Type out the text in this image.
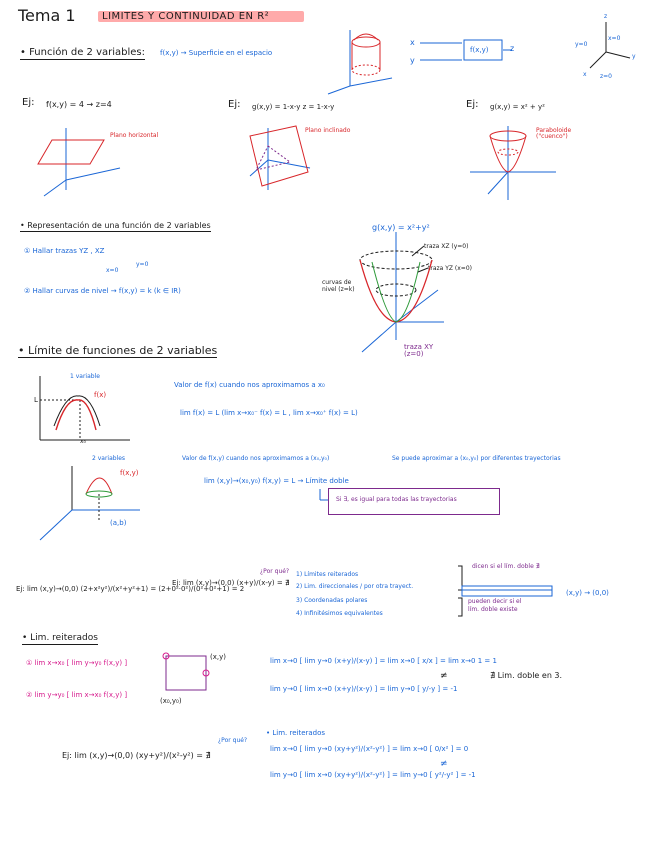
Tema 1	LIMITES Y CONTINUIDAD EN R²
• Función de 2 variables: f(x,y) → Superficie en el espacio
x
y
f(x,y)	z
z
y
x
y=0
x=0
z=0
Ej: f(x,y) = 4 → z=4
Plano horizontal
Ej: g(x,y) = 1-x-y z = 1-x-y
Plano inclinado
Ej: g(x,y) = x² + y²
Paraboloide ("cuenco")
• Representación de una función de 2 variables
① Hallar trazas YZ , XZ
x=0
y=0
② Hallar curvas de nivel → f(x,y) = k (k ∈ IR)
g(x,y) = x²+y²
traza XZ (y=0)
traza YZ (x=0)
curvas de nivel (z=k)
traza XY (z=0)
• Límite de funciones de 2 variables
1 variable
f(x)
L
x₀
2 variables
f(x,y)
(a,b)
Valor de f(x) cuando nos aproximamos a x₀
lim f(x) = L (lim x→x₀⁻ f(x) = L , lim x→x₀⁺ f(x) = L)
Valor de f(x,y) cuando nos aproximamos a (x₀,y₀)	Se puede aproximar a (x₀,y₀) por diferentes trayectorias
lim (x,y)→(x₀,y₀) f(x,y) = L → Límite doble
Si ∃, es igual para todas las trayectorias
Ej: lim (x,y)→(0,0) (2+x²y²)/(x²+y²+1) = (2+0²·0²)/(0²+0²+1) = 2
Ej: lim (x,y)→(0,0) (x+y)/(x-y) = ∄
¿Por qué? 1) Límites reiterados
2) Lim. direccionales / por otra trayect.
3) Coordenadas polares
4) Infinitésimos equivalentes
dicen si el lím. doble ∄
pueden decir si el lím. doble existe
(x,y) → (0,0)
• Lim. reiterados
① lim x→x₀ [ lim y→y₀ f(x,y) ]
② lim y→y₀ [ lim x→x₀ f(x,y) ]
(x,y)
(x₀,y₀)
lim x→0 [ lim y→0 (x+y)/(x-y) ] = lim x→0 [ x/x ] = lim x→0 1 = 1
lim y→0 [ lim x→0 (x+y)/(x-y) ] = lim y→0 [ y/-y ] = -1
≠	∄ Lim. doble en 3.
Ej: lim (x,y)→(0,0) (xy+y²)/(x²-y²) = ∄
¿Por qué?
• Lim. reiterados
lim x→0 [ lim y→0 (xy+y²)/(x²-y²) ] = lim x→0 [ 0/x² ] = 0
lim y→0 [ lim x→0 (xy+y²)/(x²-y²) ] = lim y→0 [ y²/-y² ] = -1
≠
